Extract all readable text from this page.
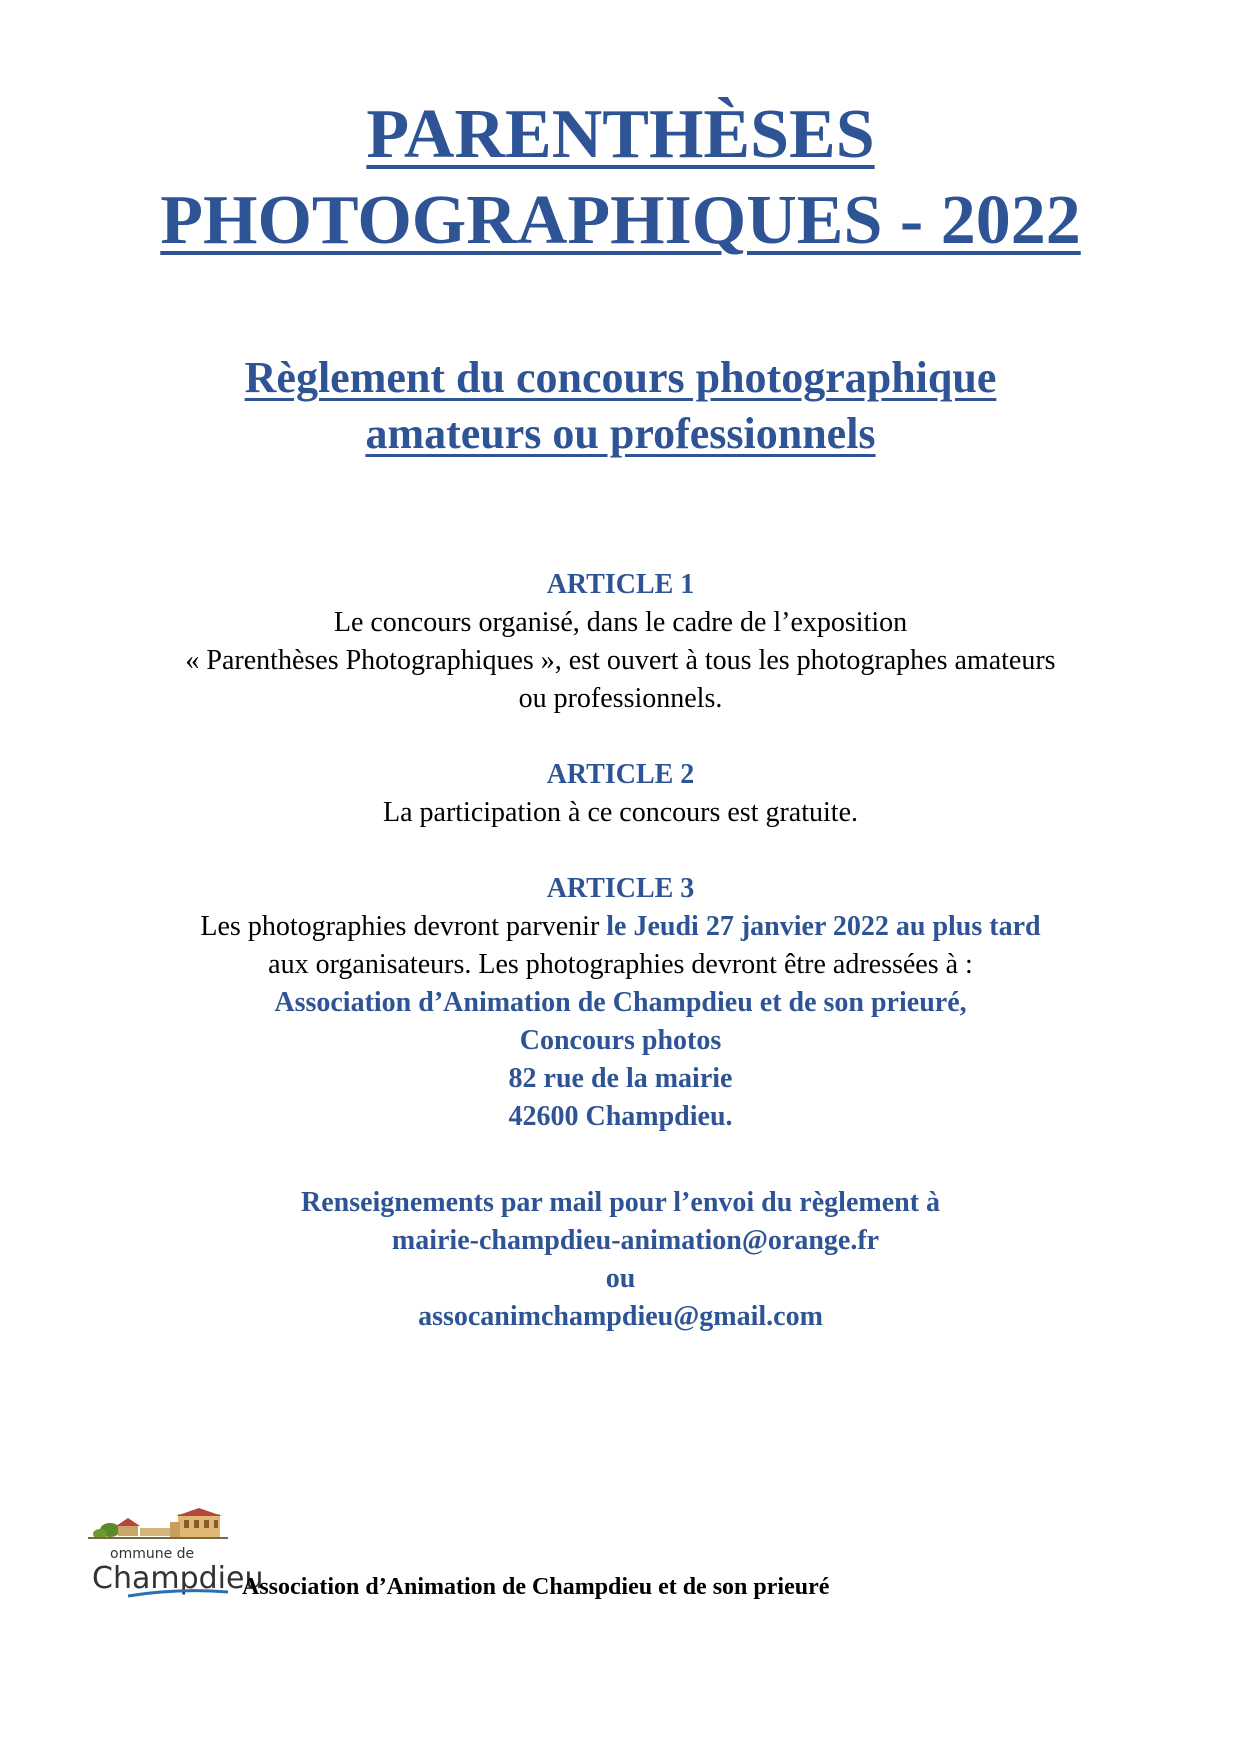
PARENTHÈSES
PHOTOGRAPHIQUES - 2022
Règlement du concours photographique
amateurs ou professionnels
ARTICLE 1
Le concours organisé, dans le cadre de l’exposition
« Parenthèses Photographiques », est ouvert à tous les photographes amateurs
ou professionnels.
ARTICLE 2
La participation à ce concours est gratuite.
ARTICLE 3
Les photographies devront parvenir le Jeudi 27 janvier 2022 au plus tard
aux organisateurs. Les photographies devront être adressées à :
Association d’Animation de Champdieu et de son prieuré,
Concours photos
82 rue de la mairie
42600 Champdieu.
Renseignements par mail pour l’envoi du règlement à
mairie-champdieu-animation@orange.fr
ou
assocanimchampdieu@gmail.com
ommune de
Champdieu
Association d’Animation de Champdieu et de son prieuré
